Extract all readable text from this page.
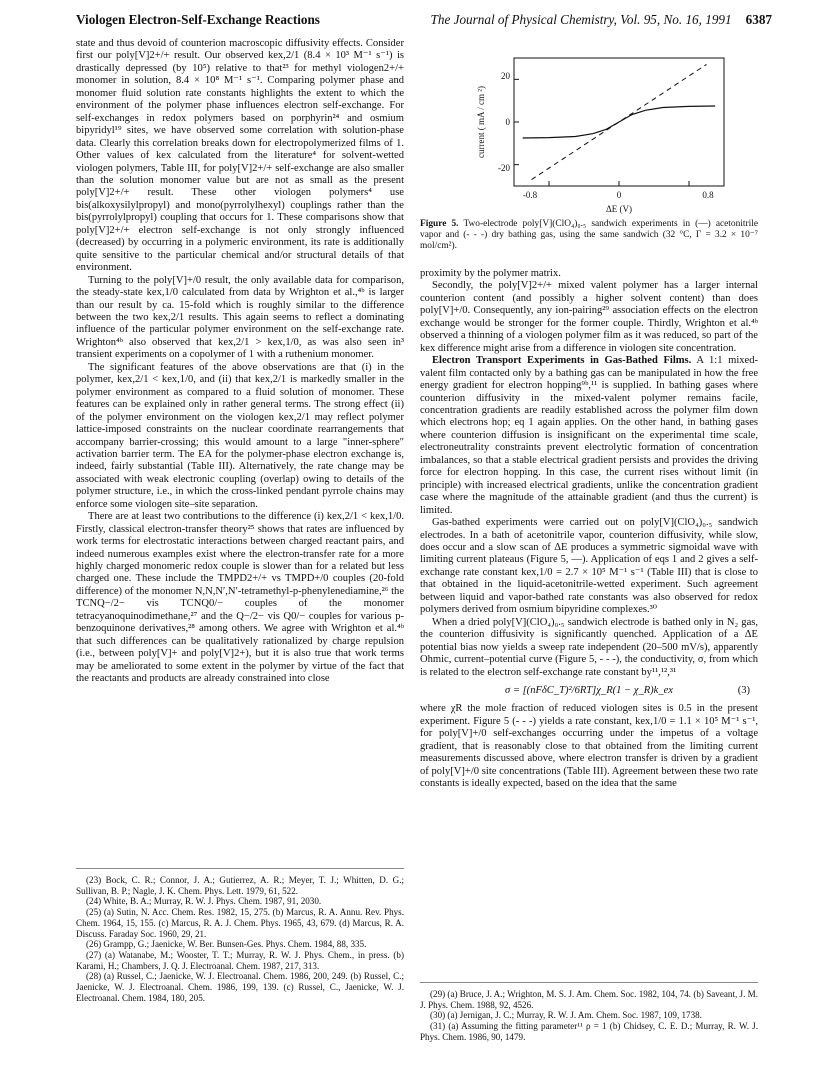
Viologen Electron-Self-Exchange Reactions	The Journal of Physical Chemistry, Vol. 95, No. 16, 1991 6387

state and thus devoid of counterion macroscopic diffusivity effects. Consider first our poly[V]2+/+ result. Our observed kex,2/1 (8.4 × 10³ M⁻¹ s⁻¹) is drastically depressed (by 10⁵) relative to that²³ for methyl viologen2+/+ monomer in solution, 8.4 × 10⁸ M⁻¹ s⁻¹. Comparing polymer phase and monomer fluid solution rate constants highlights the extent to which the environment of the polymer phase influences electron self-exchange. For self-exchanges in redox polymers based on porphyrin²⁴ and osmium bipyridyl¹⁹ sites, we have observed some correlation with solution-phase data. Clearly this correlation breaks down for electropolymerized films of 1. Other values of kex calculated from the literature⁴ for solvent-wetted viologen polymers, Table III, for poly[V]2+/+ self-exchange are also smaller than the solution monomer value but are not as small as the present poly[V]2+/+ result. These other viologen polymers⁴ use bis(alkoxysilylpropyl) and mono(pyrrolylhexyl) couplings rather than the bis(pyrrolylpropyl) coupling that occurs for 1. These comparisons show that poly[V]2+/+ electron self-exchange is not only strongly influenced (decreased) by occurring in a polymeric environment, its rate is additionally quite sensitive to the particular chemical and/or structural details of that environment.

Turning to the poly[V]+/0 result, the only available data for comparison, the steady-state kex,1/0 calculated from data by Wrighton et al.,⁴ᵇ is larger than our result by ca. 15-fold which is roughly similar to the difference between the two kex,2/1 results. This again seems to reflect a dominating influence of the particular polymer environment on the self-exchange rate. Wrighton⁴ᵇ also observed that kex,2/1 > kex,1/0, as was also seen in³ transient experiments on a copolymer of 1 with a ruthenium monomer.

The significant features of the above observations are that (i) in the polymer, kex,2/1 < kex,1/0, and (ii) that kex,2/1 is markedly smaller in the polymer environment as compared to a fluid solution of monomer. These features can be explained only in rather general terms. The strong effect (ii) of the polymer environment on the viologen kex,2/1 may reflect polymer lattice-imposed constraints on the nuclear coordinate rearrangements that accompany barrier-crossing; this would amount to a large "inner-sphere" activation barrier term. The EA for the polymer-phase electron exchange is, indeed, fairly substantial (Table III). Alternatively, the rate change may be associated with weak electronic coupling (overlap) owing to details of the polymer structure, i.e., in which the cross-linked pendant pyrrole chains may enforce some viologen site–site separation.

There are at least two contributions to the difference (i) kex,2/1 < kex,1/0. Firstly, classical electron-transfer theory²⁵ shows that rates are influenced by work terms for electrostatic interactions between charged reactant pairs, and indeed numerous examples exist where the electron-transfer rate for a more highly charged monomeric redox couple is slower than for a related but less charged one. These include the TMPD2+/+ vs TMPD+/0 couples (20-fold difference) of the monomer N,N,N′,N′-tetramethyl-p-phenylenediamine,²⁶ the TCNQ−/2− vis TCNQ0/− couples of the monomer tetracyanoquinodimethane,²⁷ and the Q−/2− vis Q0/− couples for various p-benzoquinone derivatives,²⁸ among others. We agree with Wrighton et al.⁴ᵇ that such differences can be qualitatively rationalized by charge repulsion (i.e., between poly[V]+ and poly[V]2+), but it is also true that work terms may be ameliorated to some extent in the polymer by virtue of the fact that the reactants and products are already constrained into close

-0.8	0	0.8
ΔE (V)
20
0
-20
current ( mA / cm ²)
Figure 5. Two-electrode poly[V](ClO₄)₀.₅ sandwich experiments in (—) acetonitrile vapor and (- - -) dry bathing gas, using the same sandwich (32 °C, Γ = 3.2 × 10⁻⁷ mol/cm²).

proximity by the polymer matrix.

Secondly, the poly[V]2+/+ mixed valent polymer has a larger internal counterion content (and possibly a higher solvent content) than does poly[V]+/0. Consequently, any ion-pairing²⁹ association effects on the electron exchange would be stronger for the former couple. Thirdly, Wrighton et al.⁴ᵇ observed a thinning of a viologen polymer film as it was reduced, so part of the kex difference might arise from a difference in viologen site concentration.

Electron Transport Experiments in Gas-Bathed Films. A 1:1 mixed-valent film contacted only by a bathing gas can be manipulated in how the free energy gradient for electron hopping⁹ᵇ,¹¹ is supplied. In bathing gases where counterion diffusivity in the mixed-valent polymer remains facile, concentration gradients are readily established across the polymer film down which electrons hop; eq 1 again applies. On the other hand, in bathing gases where counterion diffusion is insignificant on the experimental time scale, electroneutrality constraints prevent electrolytic formation of concentration imbalances, so that a stable electrical gradient persists and provides the driving force for electron hopping. In this case, the current rises without limit (in principle) with increased electrical gradients, unlike the concentration gradient case where the magnitude of the attainable gradient (and thus the current) is limited.

Gas-bathed experiments were carried out on poly[V](ClO₄)₀.₅ sandwich electrodes. In a bath of acetonitrile vapor, counterion diffusivity, while slow, does occur and a slow scan of ΔE produces a symmetric sigmoidal wave with limiting current plateaus (Figure 5, —). Application of eqs 1 and 2 gives a self-exchange rate constant kex,1/0 = 2.7 × 10⁵ M⁻¹ s⁻¹ (Table III) that is close to that obtained in the liquid-acetonitrile-wetted experiment. Such agreement between liquid and vapor-bathed rate constants was also observed for redox polymers derived from osmium bipyridine complexes.³⁰

When a dried poly[V](ClO₄)₀.₅ sandwich electrode is bathed only in N₂ gas, the counterion diffusivity is significantly quenched. Application of a ΔE potential bias now yields a sweep rate independent (20–500 mV/s), apparently Ohmic, current–potential curve (Figure 5, - - -), the conductivity, σ, from which is related to the electron self-exchange rate constant by¹¹,¹²,³¹

σ = [(nFδC_T)²/6RT]χ_R(1 − χ_R)k_ex	(3)

where χR the mole fraction of reduced viologen sites is 0.5 in the present experiment. Figure 5 (- - -) yields a rate constant, kex,1/0 = 1.1 × 10⁵ M⁻¹ s⁻¹, for poly[V]+/0 self-exchanges occurring under the impetus of a voltage gradient, that is reasonably close to that obtained from the limiting current measurements discussed above, where electron transfer is driven by a gradient of poly[V]+/0 site concentrations (Table III). Agreement between these two rate constants is ideally expected, based on the idea that the same

(23) Bock, C. R.; Connor, J. A.; Gutierrez, A. R.; Meyer, T. J.; Whitten, D. G.; Sullivan, B. P.; Nagle, J. K. Chem. Phys. Lett. 1979, 61, 522.

(24) White, B. A.; Murray, R. W. J. Phys. Chem. 1987, 91, 2030.

(25) (a) Sutin, N. Acc. Chem. Res. 1982, 15, 275. (b) Marcus, R. A. Annu. Rev. Phys. Chem. 1964, 15, 155. (c) Marcus, R. A. J. Chem. Phys. 1965, 43, 679. (d) Marcus, R. A. Discuss. Faraday Soc. 1960, 29, 21.

(26) Grampp, G.; Jaenicke, W. Ber. Bunsen-Ges. Phys. Chem. 1984, 88, 335.

(27) (a) Watanabe, M.; Wooster, T. T.; Murray, R. W. J. Phys. Chem., in press. (b) Karami, H.; Chambers, J. Q. J. Electroanal. Chem. 1987, 217, 313.

(28) (a) Russel, C.; Jaenicke, W. J. Electroanal. Chem. 1986, 200, 249. (b) Russel, C.; Jaenicke, W. J. Electroanal. Chem. 1986, 199, 139. (c) Russel, C., Jaenicke, W. J. Electroanal. Chem. 1984, 180, 205.	(29) (a) Bruce, J. A.; Wrighton, M. S. J. Am. Chem. Soc. 1982, 104, 74. (b) Saveant, J. M. J. Phys. Chem. 1988, 92, 4526.

(30) (a) Jernigan, J. C.; Murray, R. W. J. Am. Chem. Soc. 1987, 109, 1738.

(31) (a) Assuming the fitting parameter¹¹ ρ = 1 (b) Chidsey, C. E. D.; Murray, R. W. J. Phys. Chem. 1986, 90, 1479.
